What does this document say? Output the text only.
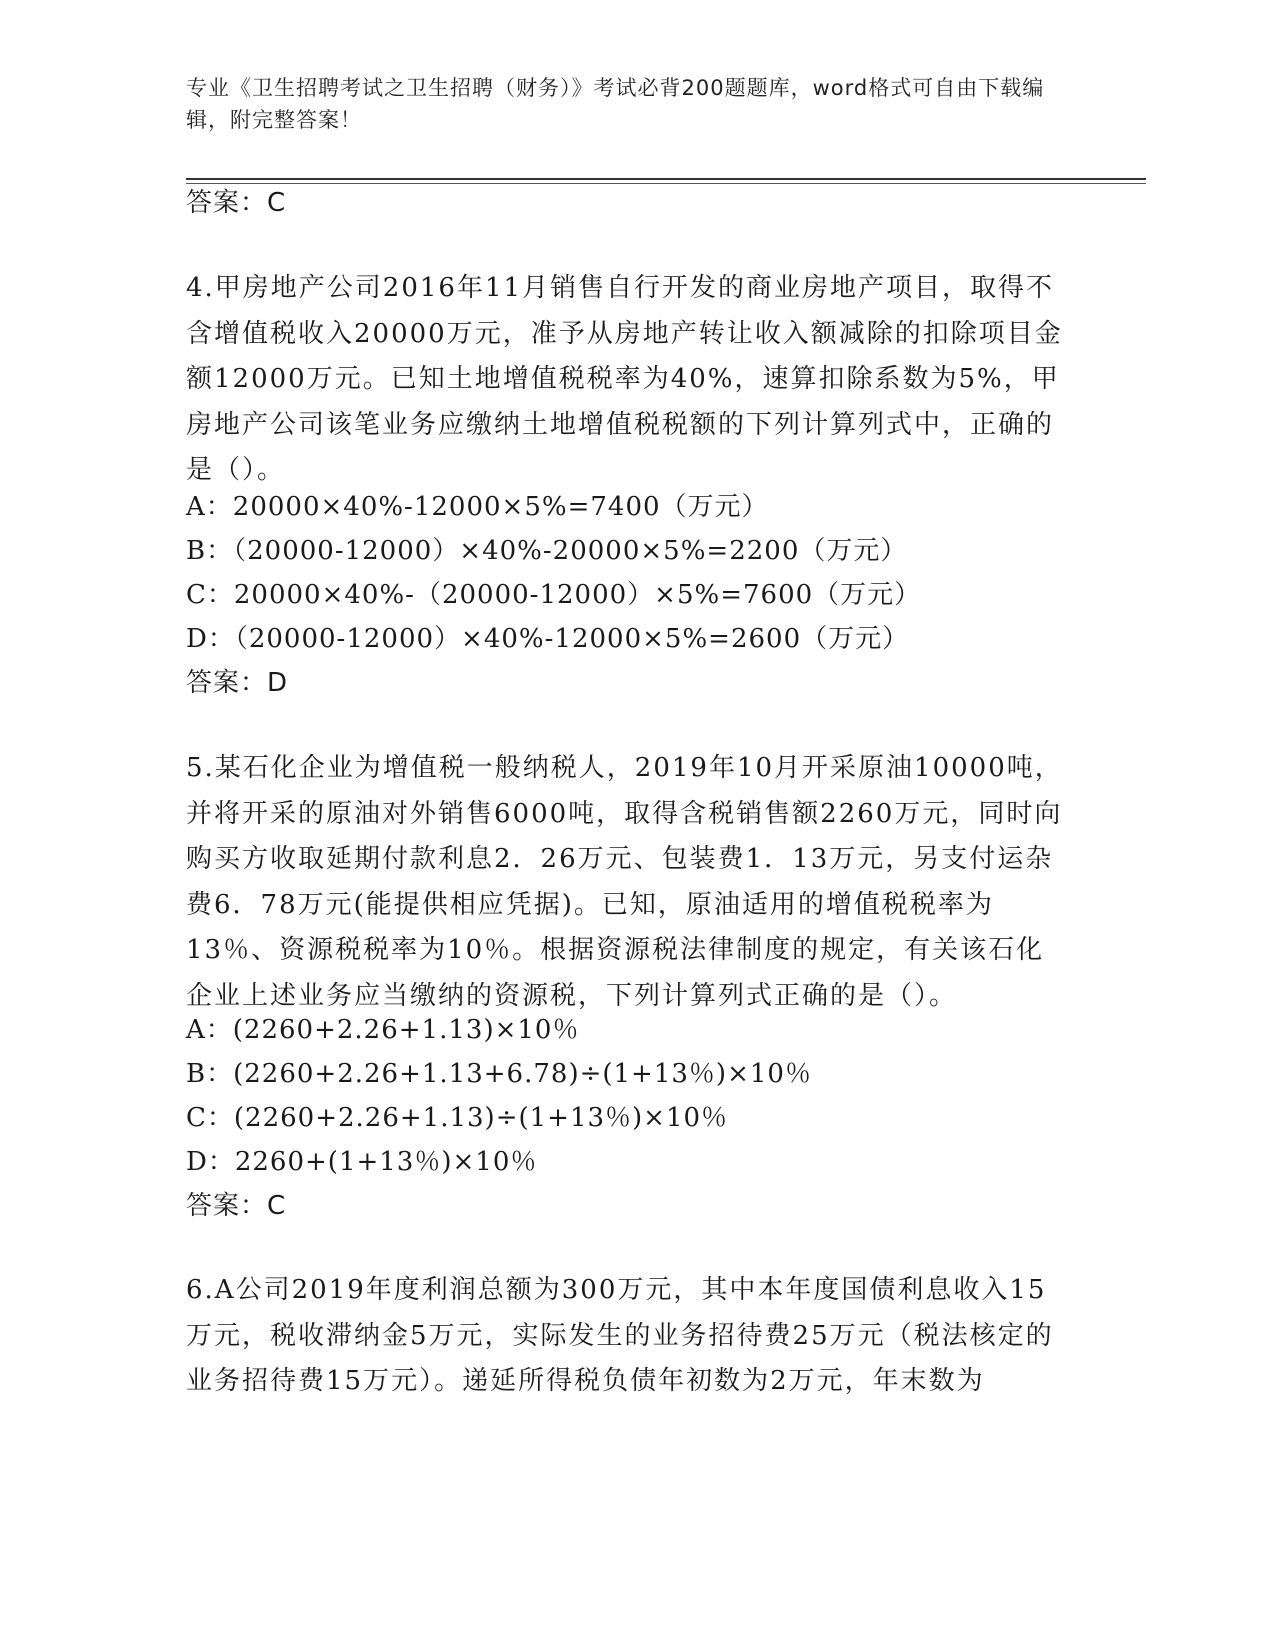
专业《卫生招聘考试之卫生招聘（财务）》考试必背200题题库，word格式可自由下载编辑，附完整答案！
答案：C
4.甲房地产公司2016年11月销售自行开发的商业房地产项目，取得不含增值税收入20000万元，准予从房地产转让收入额减除的扣除项目金额12000万元。已知土地增值税税率为40%，速算扣除系数为5%，甲房地产公司该笔业务应缴纳土地增值税税额的下列计算列式中，正确的是（）。
A：20000×40%-12000×5%=7400（万元）
B：（20000-12000）×40%-20000×5%=2200（万元）
C：20000×40%-（20000-12000）×5%=7600（万元）
D：（20000-12000）×40%-12000×5%=2600（万元）
答案：D
5.某石化企业为增值税一般纳税人，2019年10月开采原油10000吨，并将开采的原油对外销售6000吨，取得含税销售额2260万元，同时向购买方收取延期付款利息2．26万元、包装费1．13万元，另支付运杂费6．78万元(能提供相应凭据)。已知，原油适用的增值税税率为13％、资源税税率为10％。根据资源税法律制度的规定，有关该石化企业上述业务应当缴纳的资源税，下列计算列式正确的是（）。
A：(2260+2.26+1.13)×10％
B：(2260+2.26+1.13+6.78)÷(1+13％)×10％
C：(2260+2.26+1.13)÷(1+13％)×10％
D：2260+(1+13％)×10％
答案：C
6.A公司2019年度利润总额为300万元，其中本年度国债利息收入15万元，税收滞纳金5万元，实际发生的业务招待费25万元（税法核定的业务招待费15万元）。递延所得税负债年初数为2万元，年末数为
